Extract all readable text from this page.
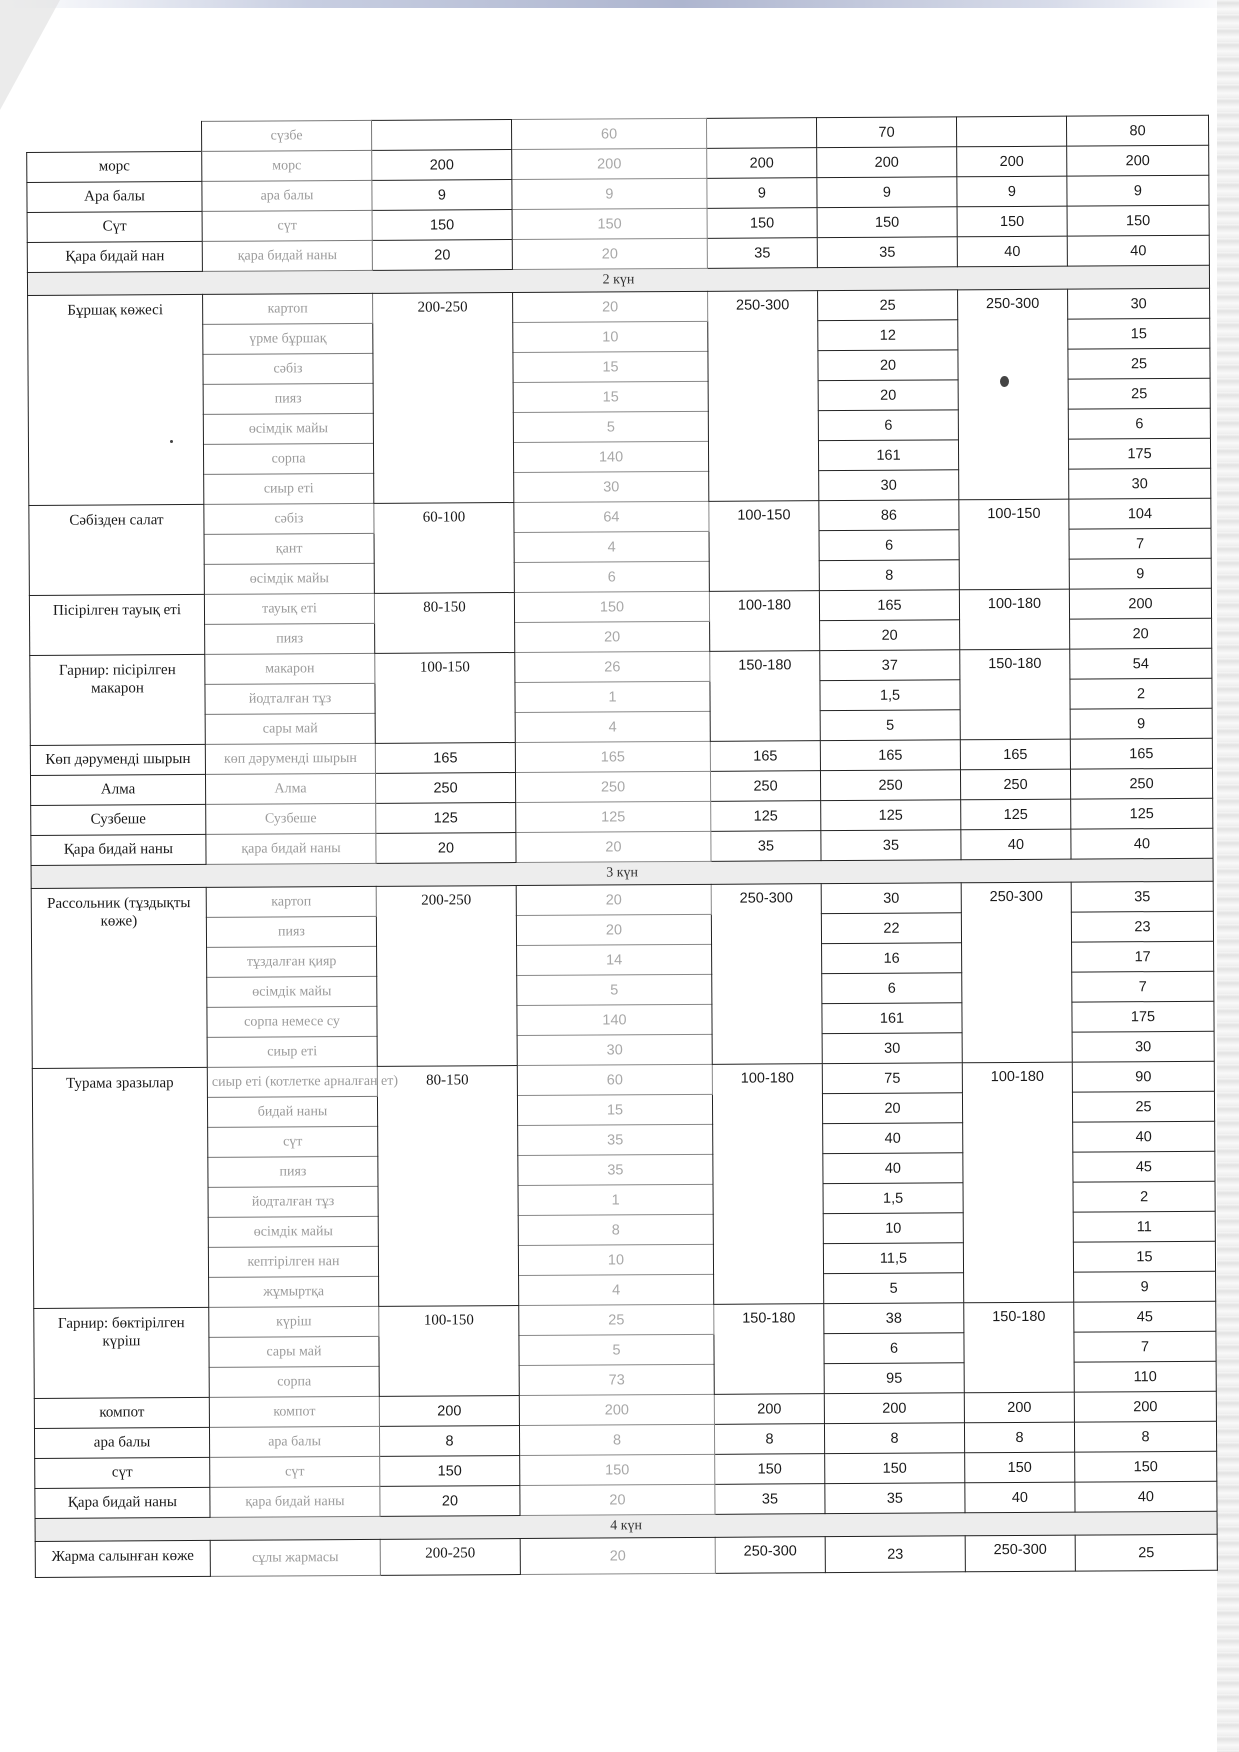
	сүзбе		60		70		80
морс	морс	200	200	200	200	200	200
Ара балы	ара балы	9	9	9	9	9	9
Сүт	сүт	150	150	150	150	150	150
Қара бидай нан	қара бидай наны	20	20	35	35	40	40
2 күн							
Бұршақ көжесі	картоп	200-250	20	250-300	25	250-300	30
	үрме бұршақ		10		12		15
	сәбіз		15		20		25
	пияз		15		20		25
	өсімдік майы		5		6		6
	сорпа		140		161		175
	сиыр еті		30		30		30
Сәбізден салат	сәбіз	60-100	64	100-150	86	100-150	104
	қант		4		6		7
	өсімдік майы		6		8		9
Пісірілген тауық еті	тауық еті	80-150	150	100-180	165	100-180	200
	пияз		20		20		20
Гарнир: пісірілген макарон	макарон	100-150	26	150-180	37	150-180	54
	йодталған тұз		1		1,5		2
	сары май		4		5		9
Көп дәруменді шырын	көп дәруменді шырын	165	165	165	165	165	165
Алма	Алма	250	250	250	250	250	250
Сузбеше	Сузбеше	125	125	125	125	125	125
Қара бидай наны	қара бидай наны	20	20	35	35	40	40
3 күн							
Рассольник (тұздықты көже)	картоп	200-250	20	250-300	30	250-300	35
	пияз		20		22		23
	тұздалған қияр		14		16		17
	өсімдік майы		5		6		7
	сорпа немесе су		140		161		175
	сиыр еті		30		30		30
Турама зразылар	сиыр еті (котлетке арналған ет)	80-150	60	100-180	75	100-180	90
	бидай наны		15		20		25
	сүт		35		40		40
	пияз		35		40		45
	йодталған тұз		1		1,5		2
	өсімдік майы		8		10		11
	кептірілген нан		10		11,5		15
	жұмыртқа		4		5		9
Гарнир: бөктірілген күріш	күріш	100-150	25	150-180	38	150-180	45
	сары май		5		6		7
	сорпа		73		95		110
компот	компот	200	200	200	200	200	200
ара балы	ара балы	8	8	8	8	8	8
сүт	сүт	150	150	150	150	150	150
Қара бидай наны	қара бидай наны	20	20	35	35	40	40
4 күн							
Жарма салынған көже	сұлы жармасы	200-250	20	250-300	23	250-300	25
